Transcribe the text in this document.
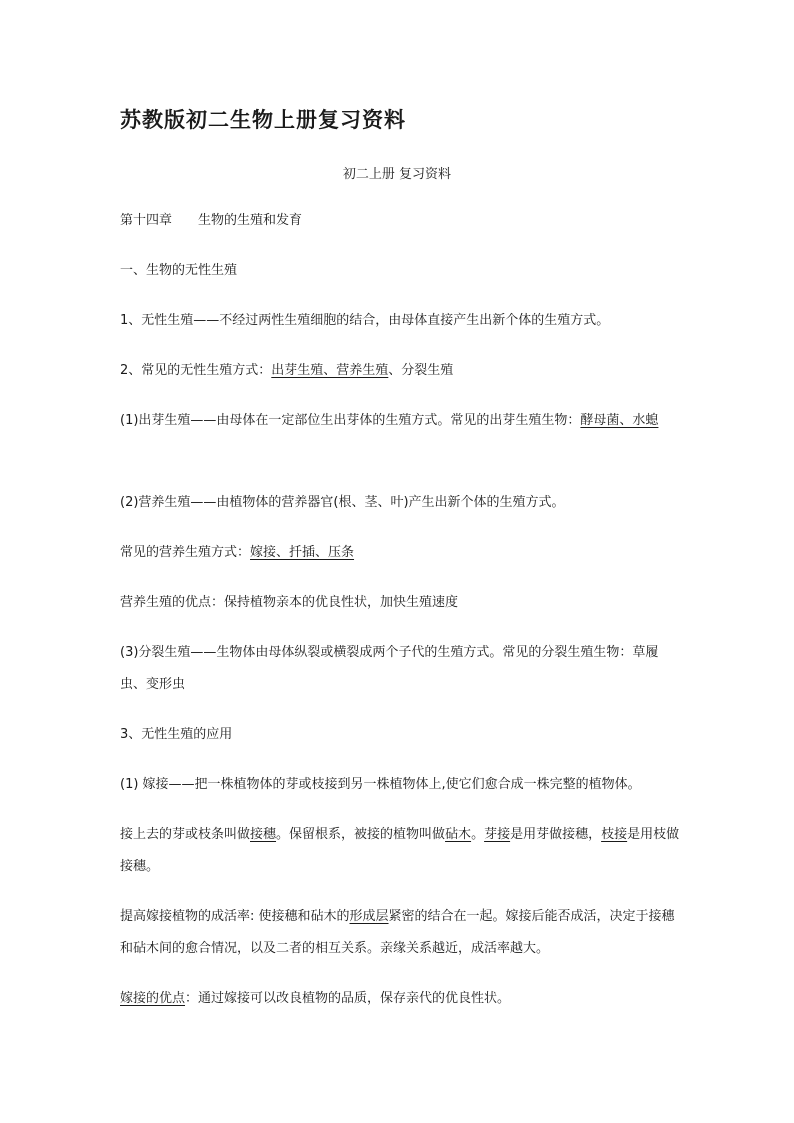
苏教版初二生物上册复习资料
初二上册 复习资料

第十四章　　生物的生殖和发育

一、生物的无性生殖

1、无性生殖——不经过两性生殖细胞的结合，由母体直接产生出新个体的生殖方式。

2、常见的无性生殖方式：出芽生殖、营养生殖、分裂生殖

(1)出芽生殖——由母体在一定部位生出芽体的生殖方式。常见的出芽生殖生物：酵母菌、水螅

(2)营养生殖——由植物体的营养器官(根、茎、叶)产生出新个体的生殖方式。

常见的营养生殖方式：嫁接、扦插、压条

营养生殖的优点：保持植物亲本的优良性状，加快生殖速度

(3)分裂生殖——生物体由母体纵裂或横裂成两个子代的生殖方式。常见的分裂生殖生物：草履虫、变形虫

3、无性生殖的应用

(1) 嫁接——把一株植物体的芽或枝接到另一株植物体上,使它们愈合成一株完整的植物体。

接上去的芽或枝条叫做接穗。保留根系，被接的植物叫做砧木。芽接是用芽做接穗，枝接是用枝做接穗。

提高嫁接植物的成活率: 使接穗和砧木的形成层紧密的结合在一起。嫁接后能否成活，决定于接穗和砧木间的愈合情况，以及二者的相互关系。亲缘关系越近，成活率越大。

嫁接的优点：通过嫁接可以改良植物的品质，保存亲代的优良性状。
